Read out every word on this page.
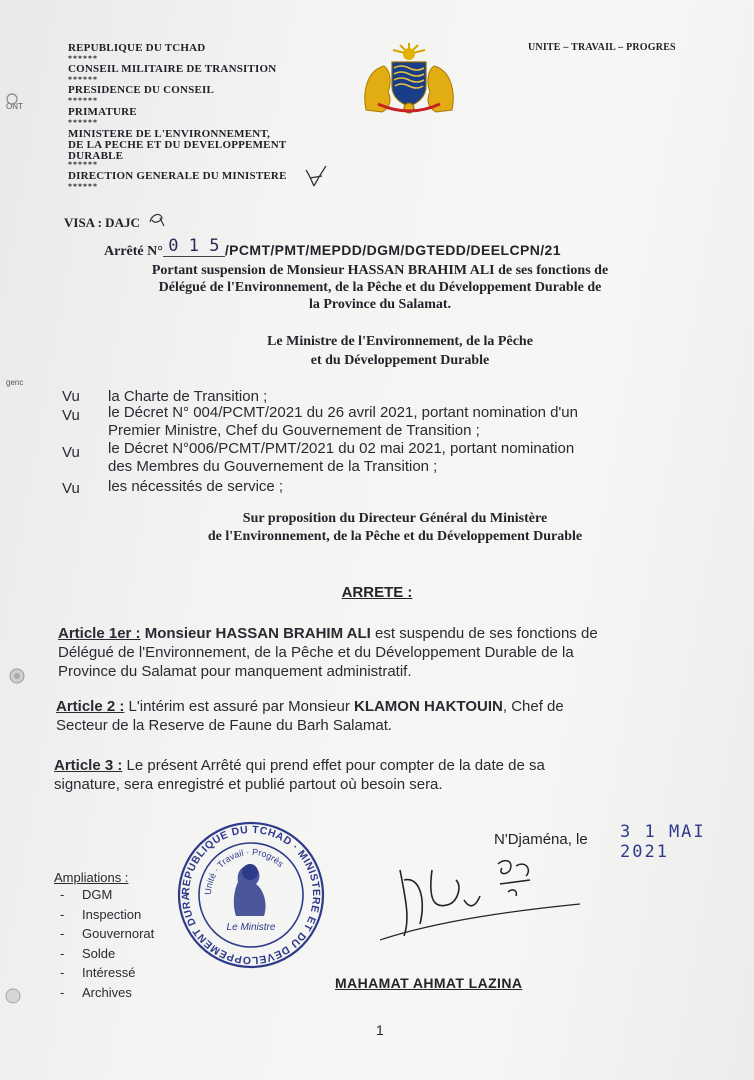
ONT
genc
REPUBLIQUE DU TCHAD
******
CONSEIL MILITAIRE DE TRANSITION
******
PRESIDENCE DU CONSEIL
******
PRIMATURE
******
MINISTERE DE L'ENVIRONNEMENT,
DE LA PECHE ET DU DEVELOPPEMENT
DURABLE
******
DIRECTION GENERALE DU MINISTERE
******
UNITE – TRAVAIL – PROGRES
VISA : DAJC
Arrêté N° 0 1 5 /PCMT/PMT/MEPDD/DGM/DGTEDD/DEELCPN/21
Portant suspension de Monsieur HASSAN BRAHIM ALI de ses fonctions de
Délégué de l'Environnement, de la Pêche et du Développement Durable de
la Province du Salamat.
Le Ministre de l'Environnement, de la Pêche
et du Développement Durable
Vu la Charte de Transition ;
Vu le Décret N° 004/PCMT/2021 du 26 avril 2021, portant nomination d'un
Premier Ministre, Chef du Gouvernement de Transition ;
Vu le Décret N°006/PCMT/PMT/2021 du 02 mai 2021, portant nomination
des Membres du Gouvernement de la Transition ;
Vu les nécessités de service ;
Sur proposition du Directeur Général du Ministère
de l'Environnement, de la Pêche et du Développement Durable
ARRETE :
Article 1er : Monsieur HASSAN BRAHIM ALI est suspendu de ses fonctions de
Délégué de l'Environnement, de la Pêche et du Développement Durable de la
Province du Salamat pour manquement administratif.
Article 2 : L'intérim est assuré par Monsieur KLAMON HAKTOUIN, Chef de
Secteur de la Reserve de Faune du Barh Salamat.
Article 3 : Le présent Arrêté qui prend effet pour compter de la date de sa
signature, sera enregistré et publié partout où besoin sera.
N'Djaména, le 3 1 MAI 2021
REPUBLIQUE DU TCHAD · MINISTERE ET DU DEVELOPPEMENT DURA
Unité · Travail · Progrès
Le Ministre
Ampliations :
- DGM
- Inspection
- Gouvernorat
- Solde
- Intéressé
- Archives
MAHAMAT AHMAT LAZINA
1
